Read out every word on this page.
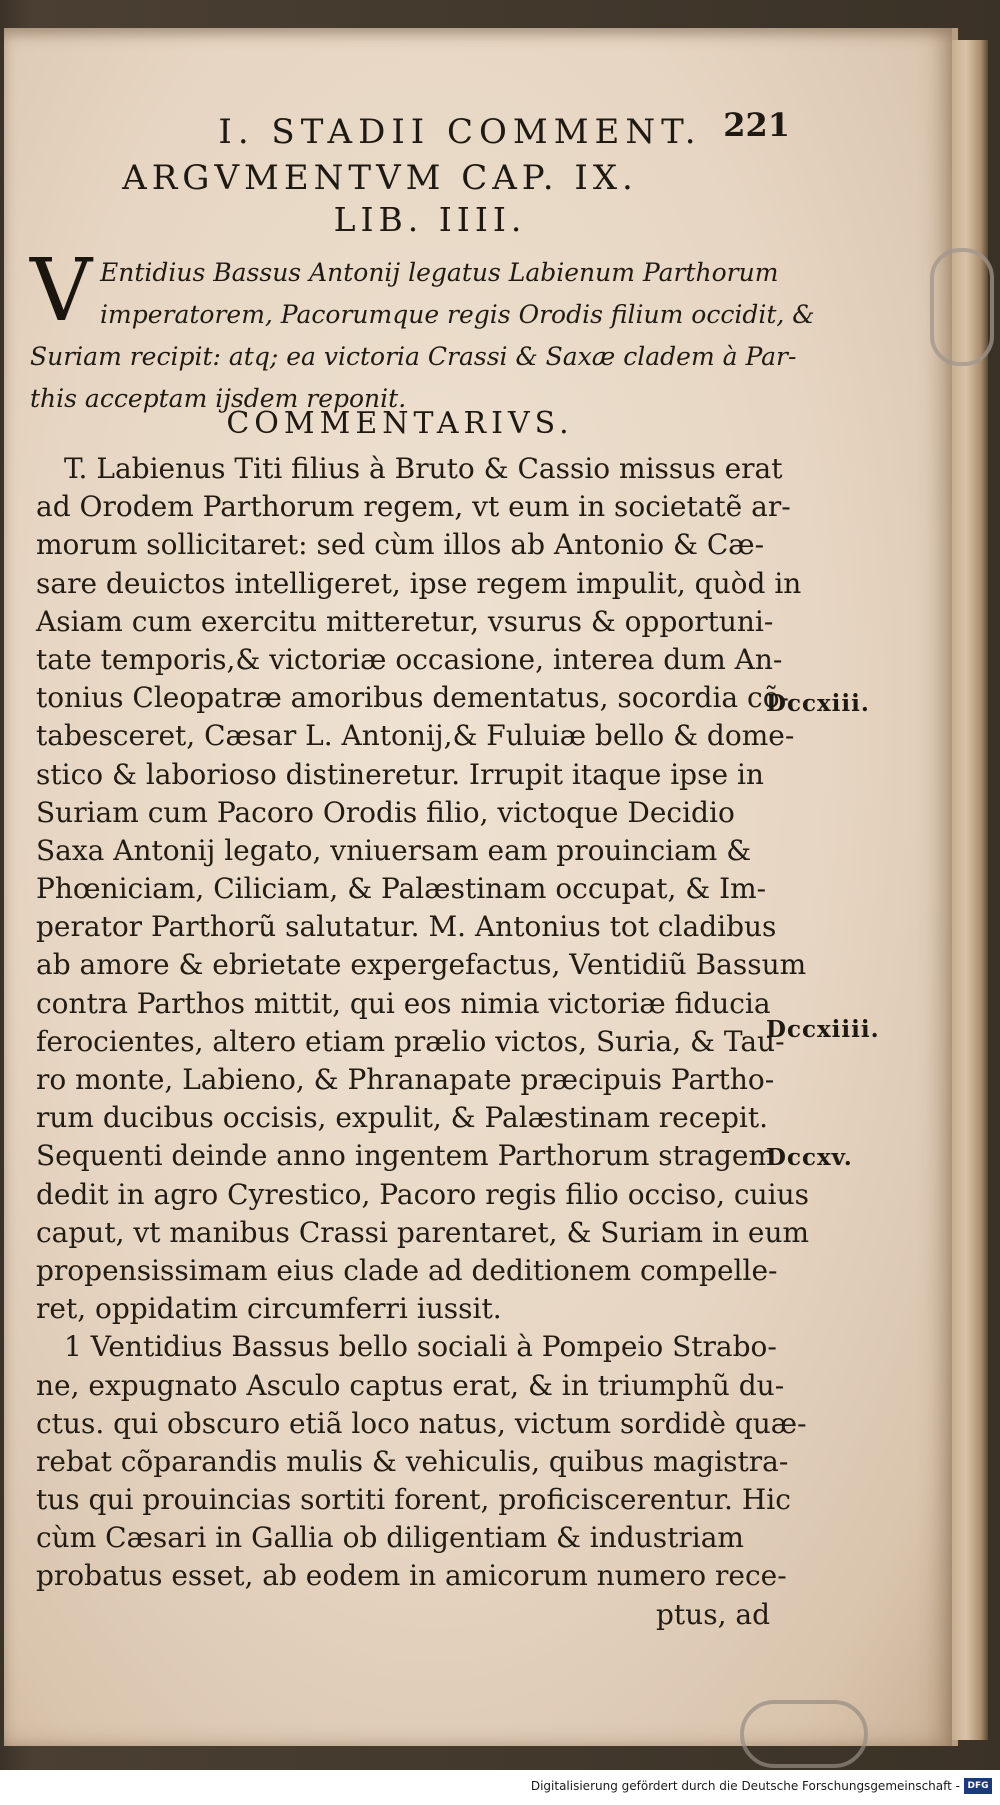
I. STADII COMMENT. 221
ARGVMENTVM CAP. IX.
LIB. IIII.
V Entidius Bassus Antonij legatus Labienum Parthorum
imperatorem, Pacorumque regis Orodis filium occidit, &
Suriam recipit: atq; ea victoria Crassi & Saxæ cladem à Par-
this acceptam ijsdem reponit.
COMMENTARIVS.
T. Labienus Titi filius à Bruto & Cassio missus erat
ad Orodem Parthorum regem, vt eum in societatẽ ar-
morum sollicitaret: sed cùm illos ab Antonio & Cæ-
sare deuictos intelligeret, ipse regem impulit, quòd in
Asiam cum exercitu mitteretur, vsurus & opportuni-
tate temporis,& victoriæ occasione, interea dum An-
tonius Cleopatræ amoribus dementatus, socordia cõ-
tabesceret, Cæsar L. Antonij,& Fuluiæ bello & dome-
stico & laborioso distineretur. Irrupit itaque ipse in
Suriam cum Pacoro Orodis filio, victoque Decidio
Saxa Antonij legato, vniuersam eam prouinciam &
Phœniciam, Ciliciam, & Palæstinam occupat, & Im-
perator Parthorũ salutatur. M. Antonius tot cladibus
ab amore & ebrietate expergefactus, Ventidiũ Bassum
contra Parthos mittit, qui eos nimia victoriæ fiducia
ferocientes, altero etiam prælio victos, Suria, & Tau-
ro monte, Labieno, & Phranapate præcipuis Partho-
rum ducibus occisis, expulit, & Palæstinam recepit.
Sequenti deinde anno ingentem Parthorum stragem
dedit in agro Cyrestico, Pacoro regis filio occiso, cuius
caput, vt manibus Crassi parentaret, & Suriam in eum
propensissimam eius clade ad deditionem compelle-
ret, oppidatim circumferri iussit.
1 Ventidius Bassus bello sociali à Pompeio Strabo-
ne, expugnato Asculo captus erat, & in triumphũ du-
ctus. qui obscuro etiã loco natus, victum sordidè quæ-
rebat cõparandis mulis & vehiculis, quibus magistra-
tus qui prouincias sortiti forent, proficiscerentur. Hic
cùm Cæsari in Gallia ob diligentiam & industriam
probatus esset, ab eodem in amicorum numero rece-
ptus, ad
Dccxiii.
Dccxiiii.
Dccxv.
Digitalisierung gefördert durch die Deutsche Forschungsgemeinschaft - DFG
